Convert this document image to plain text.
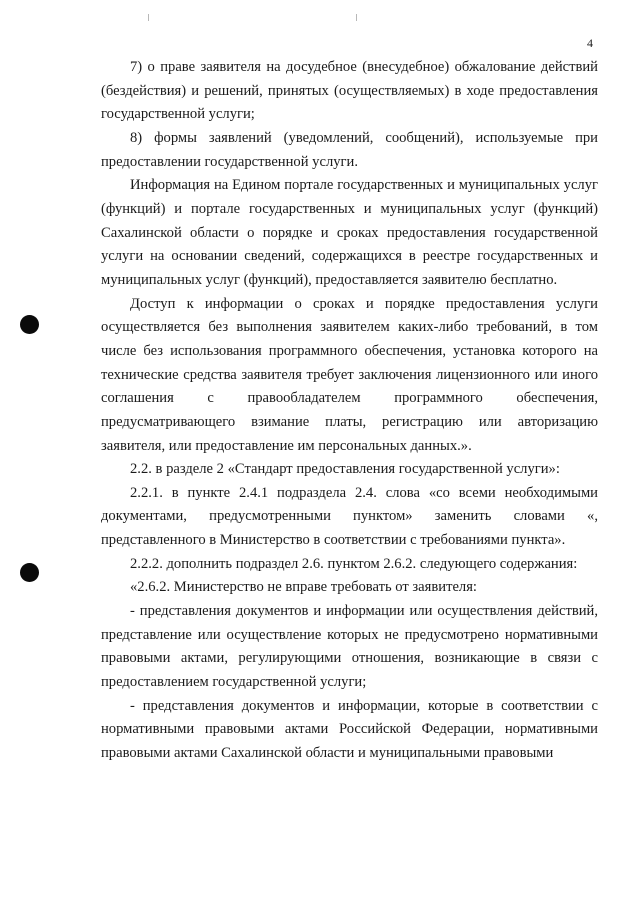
4

7) о праве заявителя на досудебное (внесудебное) обжалование действий (бездействия) и решений, принятых (осуществляемых) в ходе предоставления государственной услуги;

8) формы заявлений (уведомлений, сообщений), используемые при предоставлении государственной услуги.

Информация на Едином портале государственных и муниципальных услуг (функций) и портале государственных и муниципальных услуг (функций) Сахалинской области о порядке и сроках предоставления государственной услуги на основании сведений, содержащихся в реестре государственных и муниципальных услуг (функций), предоставляется заявителю бесплатно.

Доступ к информации о сроках и порядке предоставления услуги осуществляется без выполнения заявителем каких-либо требований, в том числе без использования программного обеспечения, установка которого на технические средства заявителя требует заключения лицензионного или иного соглашения с правообладателем программного обеспечения, предусматривающего взимание платы, регистрацию или авторизацию заявителя, или предоставление им персональных данных.».

2.2. в разделе 2 «Стандарт предоставления государственной услуги»:

2.2.1. в пункте 2.4.1 подраздела 2.4. слова «со всеми необходимыми документами, предусмотренными пунктом» заменить словами «, представленного в Министерство в соответствии с требованиями пункта».

2.2.2. дополнить подраздел 2.6. пунктом 2.6.2. следующего содержания:

«2.6.2. Министерство не вправе требовать от заявителя:

- представления документов и информации или осуществления действий, представление или осуществление которых не предусмотрено нормативными правовыми актами, регулирующими отношения, возникающие в связи с предоставлением государственной услуги;

- представления документов и информации, которые в соответствии с нормативными правовыми актами Российской Федерации, нормативными правовыми актами Сахалинской области и муниципальными правовыми
